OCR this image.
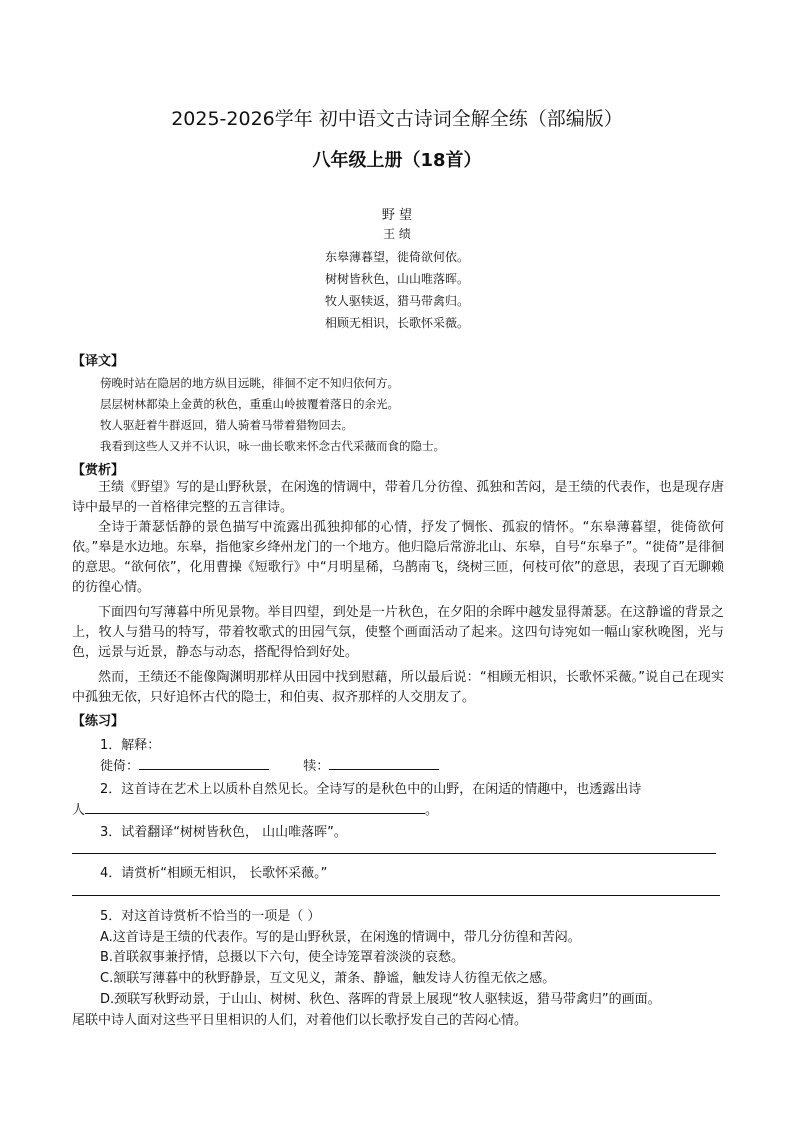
2025-2026学年 初中语文古诗词全解全练（部编版）
八年级上册（18首）
野 望
王 绩
东皋薄暮望，徙倚欲何依。
树树皆秋色，山山唯落晖。
牧人驱犊返，猎马带禽归。
相顾无相识，长歌怀采薇。
【译文】
傍晚时站在隐居的地方纵目远眺，徘徊不定不知归依何方。
层层树林都染上金黄的秋色，重重山岭披覆着落日的余光。
牧人驱赶着牛群返回，猎人骑着马带着猎物回去。
我看到这些人又并不认识，咏一曲长歌来怀念古代采薇而食的隐士。
【赏析】

王绩《野望》写的是山野秋景，在闲逸的情调中，带着几分彷徨、孤独和苦闷，是王绩的代表作，也是现存唐诗中最早的一首格律完整的五言律诗。

全诗于萧瑟恬静的景色描写中流露出孤独抑郁的心情，抒发了惆怅、孤寂的情怀。“东皋薄暮望，徙倚欲何依。”皋是水边地。东皋，指他家乡绛州龙门的一个地方。他归隐后常游北山、东皋，自号“东皋子”。“徙倚”是徘徊的意思。“欲何依”，化用曹操《短歌行》中“月明星稀，乌鹊南飞，绕树三匝，何枝可依”的意思，表现了百无聊赖的彷徨心情。

下面四句写薄暮中所见景物。举目四望，到处是一片秋色，在夕阳的余晖中越发显得萧瑟。在这静谧的背景之上，牧人与猎马的特写，带着牧歌式的田园气氛，使整个画面活动了起来。这四句诗宛如一幅山家秋晚图，光与色，远景与近景，静态与动态，搭配得恰到好处。

然而，王绩还不能像陶渊明那样从田园中找到慰藉，所以最后说：“相顾无相识，长歌怀采薇。”说自己在现实中孤独无依，只好追怀古代的隐士，和伯夷、叔齐那样的人交朋友了。

【练习】
1．解释：
徙倚：	犊：
2．这首诗在艺术上以质朴自然见长。全诗写的是秋色中的山野，在闲适的情趣中，也透露出诗
人	。
3．试着翻译“树树皆秋色， 山山唯落晖”。
4．请赏析“相顾无相识， 长歌怀采薇。”
5．对这首诗赏析不恰当的一项是（ ）
A.这首诗是王绩的代表作。写的是山野秋景，在闲逸的情调中，带几分彷徨和苦闷。
B.首联叙事兼抒情，总摄以下六句，使全诗笼罩着淡淡的哀愁。
C.颔联写薄暮中的秋野静景，互文见义，萧条、静谧，触发诗人彷徨无依之感。
D.颈联写秋野动景，于山山、树树、秋色、落晖的背景上展现“牧人驱犊返，猎马带禽归”的画面。
尾联中诗人面对这些平日里相识的人们，对着他们以长歌抒发自己的苦闷心情。
